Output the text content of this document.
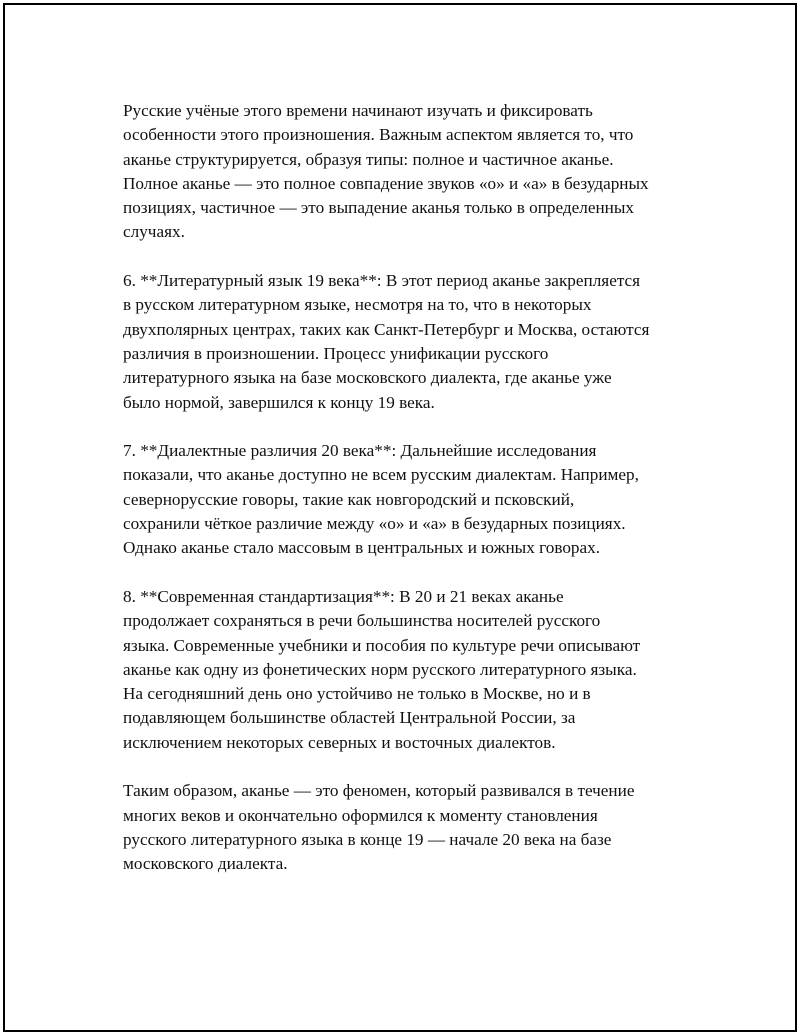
Русские учёные этого времени начинают изучать и фиксировать
особенности этого произношения. Важным аспектом является то, что
аканье структурируется, образуя типы: полное и частичное аканье.
Полное аканье — это полное совпадение звуков «о» и «а» в безударных
позициях, частичное — это выпадение аканья только в определенных
случаях.

6. **Литературный язык 19 века**: В этот период аканье закрепляется
в русском литературном языке, несмотря на то, что в некоторых
двухполярных центрах, таких как Санкт-Петербург и Москва, остаются
различия в произношении. Процесс унификации русского
литературного языка на базе московского диалекта, где аканье уже
было нормой, завершился к концу 19 века.

7. **Диалектные различия 20 века**: Дальнейшие исследования
показали, что аканье доступно не всем русским диалектам. Например,
севернорусские говоры, такие как новгородский и псковский,
сохранили чёткое различие между «о» и «а» в безударных позициях.
Однако аканье стало массовым в центральных и южных говорах.

8. **Современная стандартизация**: В 20 и 21 веках аканье
продолжает сохраняться в речи большинства носителей русского
языка. Современные учебники и пособия по культуре речи описывают
аканье как одну из фонетических норм русского литературного языка.
На сегодняшний день оно устойчиво не только в Москве, но и в
подавляющем большинстве областей Центральной России, за
исключением некоторых северных и восточных диалектов.

Таким образом, аканье — это феномен, который развивался в течение
многих веков и окончательно оформился к моменту становления
русского литературного языка в конце 19 — начале 20 века на базе
московского диалекта.
